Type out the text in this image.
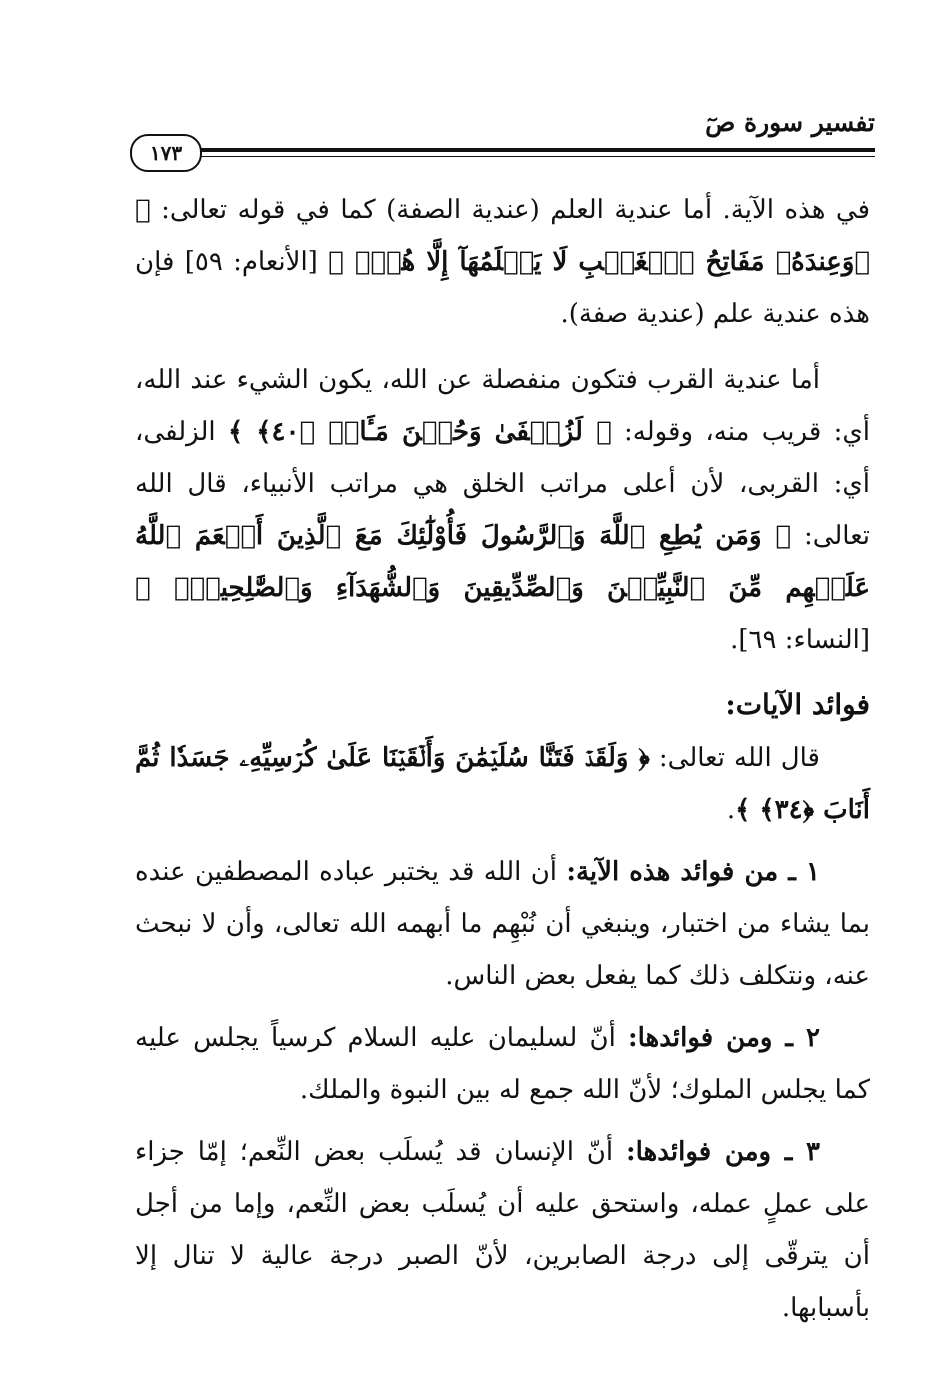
تفسير سورة صٓ
١٧٣

في هذه الآية. أما عندية العلم (عندية الصفة) كما في قوله تعالى: ﴿ ۞وَعِندَهُۥ مَفَاتِحُ ٱلۡغَيۡبِ لَا يَعۡلَمُهَآ إِلَّا هُوَۚ ﴾ [الأنعام: ٥٩] فإن هذه عندية علم (عندية صفة).

أما عندية القرب فتكون منفصلة عن الله، يكون الشيء عند الله، أي: قريب منه، وقوله: ﴿ لَزُلۡفَىٰ وَحُسۡنَ مَـَٔابٖ ﴿٤٠﴾ ﴾ الزلفى، أي: القربى، لأن أعلى مراتب الخلق هي مراتب الأنبياء، قال الله تعالى: ﴿ وَمَن يُطِعِ ٱللَّهَ وَٱلرَّسُولَ فَأُوْلَٰٓئِكَ مَعَ ٱلَّذِينَ أَنۡعَمَ ٱللَّهُ عَلَيۡهِم مِّنَ ٱلنَّبِيِّـۧنَ وَٱلصِّدِّيقِينَ وَٱلشُّهَدَآءِ وَٱلصَّٰلِحِينَۚ ﴾ [النساء: ٦٩].

فوائد الآيات:

قال الله تعالى: ﴿ وَلَقَدۡ فَتَنَّا سُلَيۡمَٰنَ وَأَلۡقَيۡنَا عَلَىٰ كُرۡسِيِّهِۦ جَسَدٗا ثُمَّ أَنَابَ ﴿٣٤﴾ ﴾.

١ ـ من فوائد هذه الآية: أن الله قد يختبر عباده المصطفين عنده بما يشاء من اختبار، وينبغي أن نُبْهِم ما أبهمه الله تعالى، وأن لا نبحث عنه، ونتكلف ذلك كما يفعل بعض الناس.

٢ ـ ومن فوائدها: أنّ لسليمان عليه السلام كرسياً يجلس عليه كما يجلس الملوك؛ لأنّ الله جمع له بين النبوة والملك.

٣ ـ ومن فوائدها: أنّ الإنسان قد يُسلَب بعض النِّعم؛ إمّا جزاء على عملٍ عمله، واستحق عليه أن يُسلَب بعض النِّعم، وإما من أجل أن يترقّى إلى درجة الصابرين، لأنّ الصبر درجة عالية لا تنال إلا بأسبابها.
